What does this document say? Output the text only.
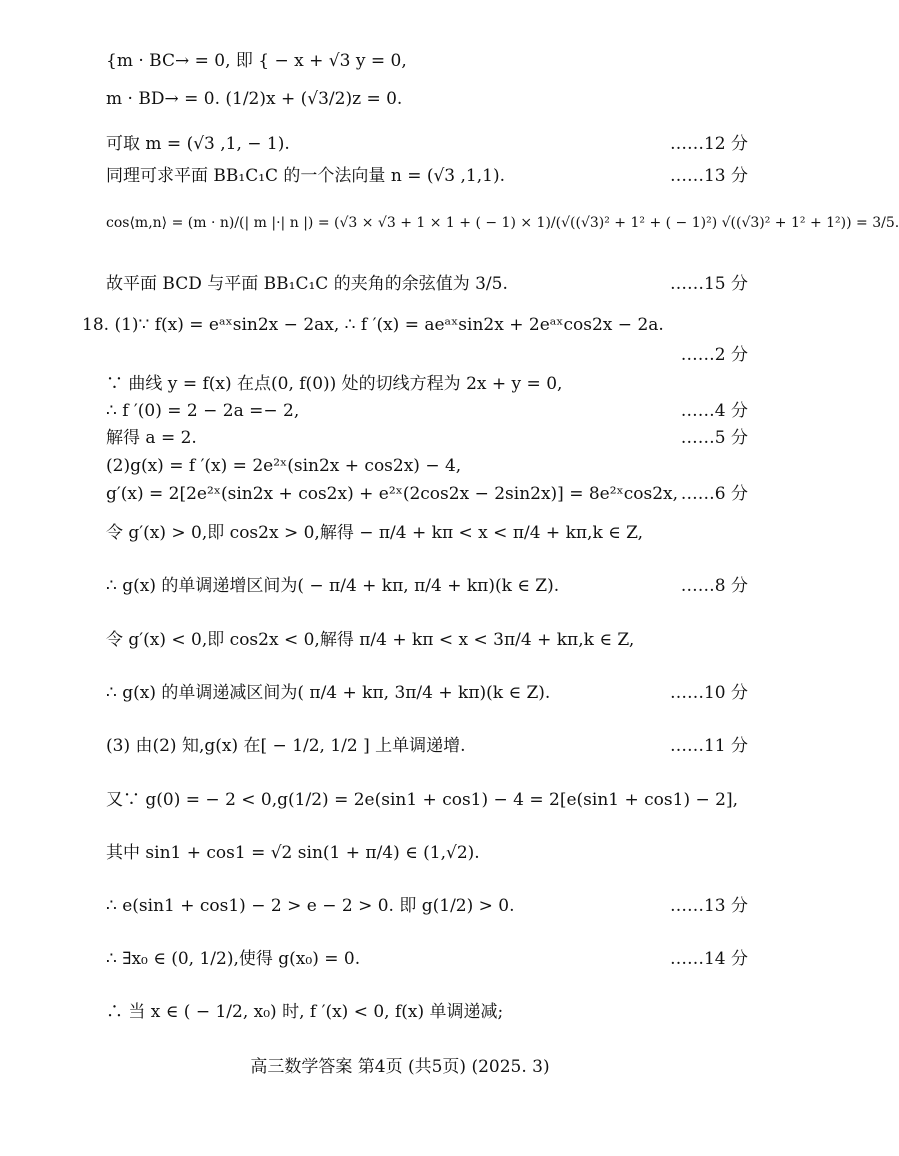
{m · BC→ = 0, 即 { − x + √3 y = 0,
m · BD→ = 0. (1/2)x + (√3/2)z = 0.
可取 m = (√3 ,1, − 1).	……12 分
同理可求平面 BB₁C₁C 的一个法向量 n = (√3 ,1,1).	……13 分
cos⟨m,n⟩ = (m · n)/(| m |·| n |) = (√3 × √3 + 1 × 1 + ( − 1) × 1)/(√((√3)² + 1² + ( − 1)²) √((√3)² + 1² + 1²)) = 3/5.
故平面 BCD 与平面 BB₁C₁C 的夹角的余弦值为 3/5.	……15 分
18. (1)∵ f(x) = eᵃˣsin2x − 2ax, ∴ f ′(x) = aeᵃˣsin2x + 2eᵃˣcos2x − 2a.
……2 分
∵ 曲线 y = f(x) 在点(0, f(0)) 处的切线方程为 2x + y = 0,
∴ f ′(0) = 2 − 2a =− 2,	……4 分
解得 a = 2.	……5 分
(2)g(x) = f ′(x) = 2e²ˣ(sin2x + cos2x) − 4,
g′(x) = 2[2e²ˣ(sin2x + cos2x) + e²ˣ(2cos2x − 2sin2x)] = 8e²ˣcos2x, ……6 分
令 g′(x) > 0,即 cos2x > 0,解得 − π/4 + kπ < x < π/4 + kπ,k ∈ Z,
∴ g(x) 的单调递增区间为( − π/4 + kπ, π/4 + kπ)(k ∈ Z).	……8 分
令 g′(x) < 0,即 cos2x < 0,解得 π/4 + kπ < x < 3π/4 + kπ,k ∈ Z,
∴ g(x) 的单调递减区间为( π/4 + kπ, 3π/4 + kπ)(k ∈ Z).	……10 分
(3) 由(2) 知,g(x) 在[ − 1/2, 1/2 ] 上单调递增.	……11 分
又∵ g(0) = − 2 < 0,g(1/2) = 2e(sin1 + cos1) − 4 = 2[e(sin1 + cos1) − 2],
其中 sin1 + cos1 = √2 sin(1 + π/4) ∈ (1,√2).
∴ e(sin1 + cos1) − 2 > e − 2 > 0. 即 g(1/2) > 0.	……13 分
∴ ∃x₀ ∈ (0, 1/2),使得 g(x₀) = 0.	……14 分
∴ 当 x ∈ ( − 1/2, x₀) 时, f ′(x) < 0, f(x) 单调递减;
高三数学答案 第4页 (共5页) (2025. 3)
